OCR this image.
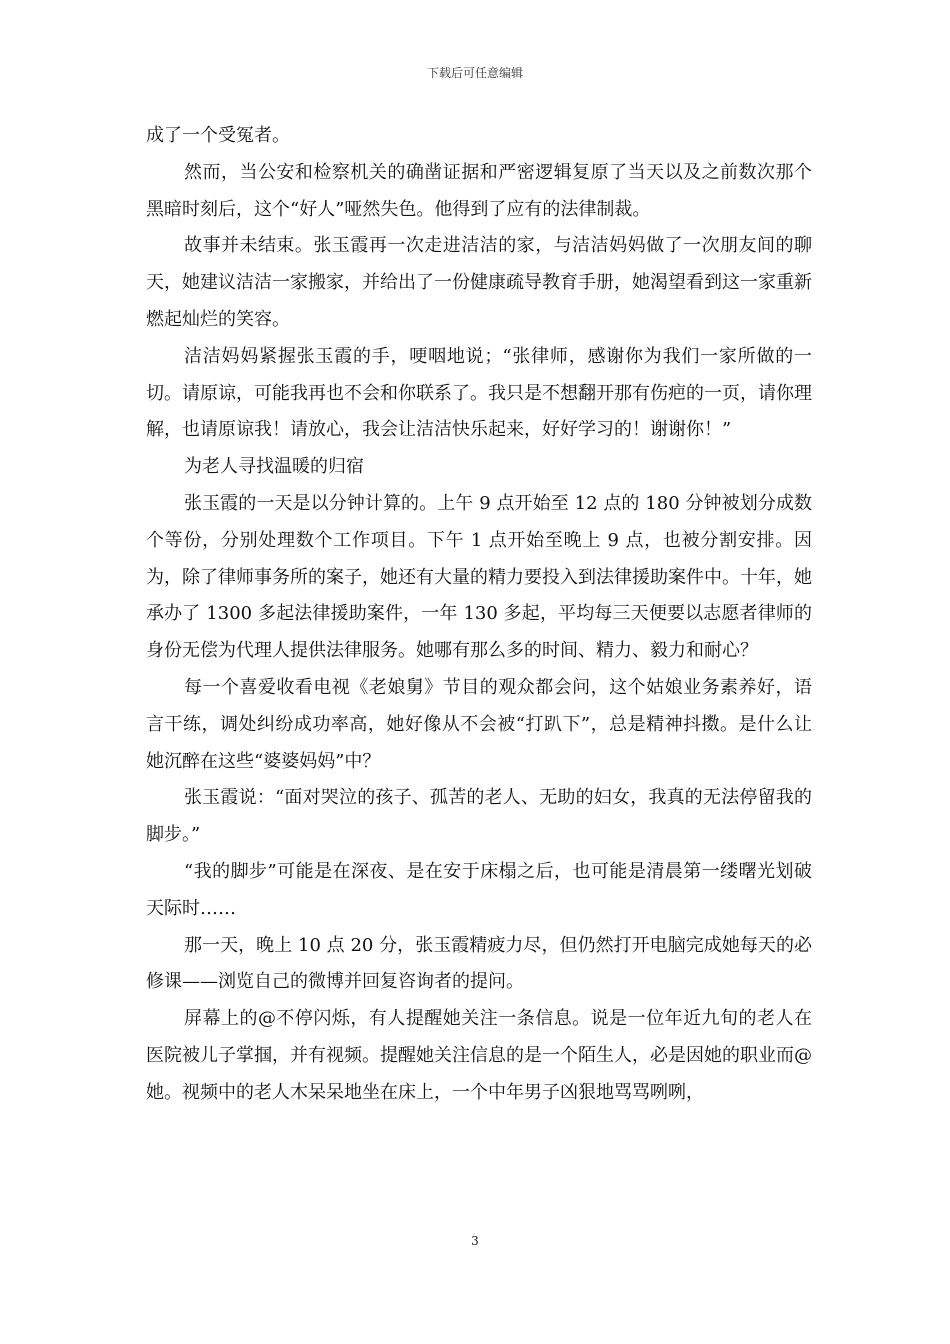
下载后可任意编辑

成了一个受冤者。

然而，当公安和检察机关的确凿证据和严密逻辑复原了当天以及之前数次那个黑暗时刻后，这个“好人”哑然失色。他得到了应有的法律制裁。

故事并未结束。张玉霞再一次走进洁洁的家，与洁洁妈妈做了一次朋友间的聊天，她建议洁洁一家搬家，并给出了一份健康疏导教育手册，她渴望看到这一家重新燃起灿烂的笑容。

洁洁妈妈紧握张玉霞的手，哽咽地说；“张律师，感谢你为我们一家所做的一切。请原谅，可能我再也不会和你联系了。我只是不想翻开那有伤疤的一页，请你理解，也请原谅我！请放心，我会让洁洁快乐起来，好好学习的！谢谢你！”

为老人寻找温暖的归宿

张玉霞的一天是以分钟计算的。上午 9 点开始至 12 点的 180 分钟被划分成数个等份，分别处理数个工作项目。下午 1 点开始至晚上 9 点，也被分割安排。因为，除了律师事务所的案子，她还有大量的精力要投入到法律援助案件中。十年，她承办了 1300 多起法律援助案件，一年 130 多起，平均每三天便要以志愿者律师的身份无偿为代理人提供法律服务。她哪有那么多的时间、精力、毅力和耐心？

每一个喜爱收看电视《老娘舅》节目的观众都会问，这个姑娘业务素养好，语言干练，调处纠纷成功率高，她好像从不会被“打趴下”，总是精神抖擞。是什么让她沉醉在这些“婆婆妈妈”中？

张玉霞说：“面对哭泣的孩子、孤苦的老人、无助的妇女，我真的无法停留我的脚步。”

“我的脚步”可能是在深夜、是在安于床榻之后，也可能是清晨第一缕曙光划破天际时……

那一天，晚上 10 点 20 分，张玉霞精疲力尽，但仍然打开电脑完成她每天的必修课——浏览自己的微博并回复咨询者的提问。

屏幕上的@不停闪烁，有人提醒她关注一条信息。说是一位年近九旬的老人在医院被儿子掌掴，并有视频。提醒她关注信息的是一个陌生人，必是因她的职业而@她。视频中的老人木呆呆地坐在床上，一个中年男子凶狠地骂骂咧咧，

3
